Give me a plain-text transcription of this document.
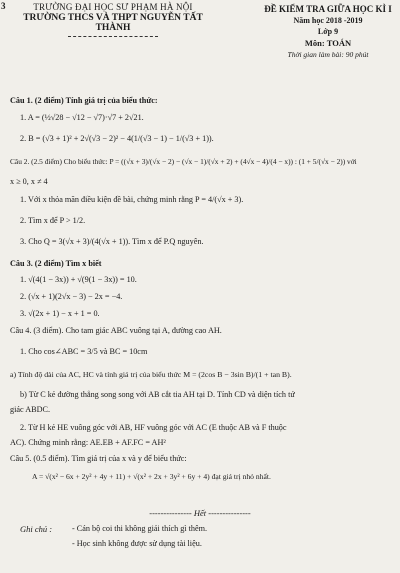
3	TRƯỜNG ĐẠI HỌC SƯ PHẠM HÀ NỘI
TRƯỜNG THCS VÀ THPT NGUYỄN TẤT THÀNH
ĐỀ KIỂM TRA GIỮA HỌC KÌ I
Năm học 2018 -2019
Lớp 9
Môn: TOÁN
Thời gian làm bài: 90 phút
Câu 1. (2 điểm) Tính giá trị của biểu thức:
1. A = (½√28 − √12 − √7)·√7 + 2√21.
2. B = (√3 + 1)² + 2√(√3 − 2)² − 4(1/(√3 − 1) − 1/(√3 + 1)).
Câu 2. (2.5 điểm) Cho biểu thức: P = ((√x + 3)/(√x − 2) − (√x − 1)/(√x + 2) + (4√x − 4)/(4 − x)) : (1 + 5/(√x − 2)) với
x ≥ 0, x ≠ 4
1. Với x thỏa mãn điều kiện đề bài, chứng minh rằng P = 4/(√x + 3).
2. Tìm x để P > 1/2.
3. Cho Q = 3(√x + 3)/(4(√x + 1)). Tìm x để P.Q nguyên.
Câu 3. (2 điểm) Tìm x biết
1. √(4(1 − 3x)) + √(9(1 − 3x)) = 10.
2. (√x + 1)(2√x − 3) − 2x = −4.
3. √(2x + 1) − x + 1 = 0.
Câu 4. (3 điểm). Cho tam giác ABC vuông tại A, đường cao AH.
1. Cho cos∠ABC = 3/5 và BC = 10cm
a) Tính độ dài của AC, HC và tính giá trị của biểu thức M = (2cos B − 3sin B)/(1 + tan B).
b) Từ C kẻ đường thẳng song song với AB cắt tia AH tại D. Tính CD và diện tích tứ
giác ABDC.
2. Từ H kẻ HE vuông góc với AB, HF vuông góc với AC (E thuộc AB và F thuộc
AC). Chứng minh rằng: AE.EB + AF.FC = AH²
Câu 5. (0.5 điểm). Tìm giá trị của x và y để biểu thức:
A = √(x² − 6x + 2y² + 4y + 11) + √(x² + 2x + 3y² + 6y + 4) đạt giá trị nhỏ nhất.
--------------- Hết ---------------
Ghi chú : - Cán bộ coi thi không giải thích gì thêm.
- Học sinh không được sử dụng tài liệu.
